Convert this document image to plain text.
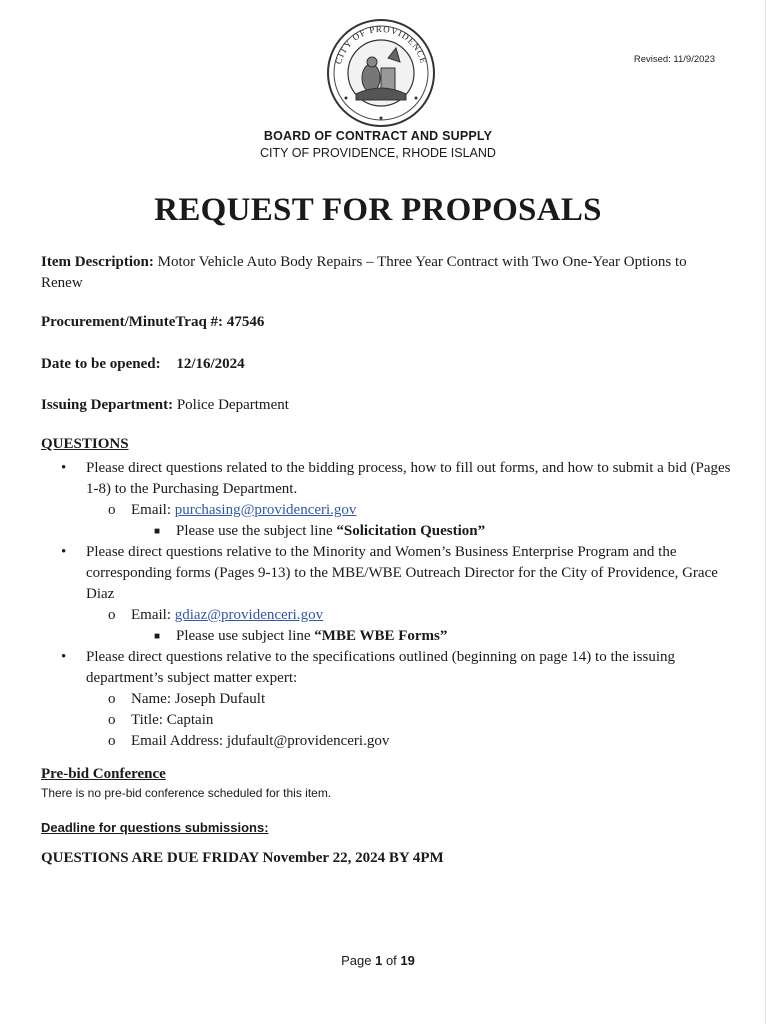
CITY OF PROVIDENCE	Revised: 11/9/2023
BOARD OF CONTRACT AND SUPPLY
CITY OF PROVIDENCE, RHODE ISLAND
REQUEST FOR PROPOSALS
Item Description: Motor Vehicle Auto Body Repairs – Three Year Contract with Two One-Year Options to Renew
Procurement/MinuteTraq #: 47546
Date to be opened: 12/16/2024
Issuing Department: Police Department
QUESTIONS
• Please direct questions related to the bidding process, how to fill out forms, and how to submit a bid (Pages 1-8) to the Purchasing Department.
o Email: purchasing@providenceri.gov
■ Please use the subject line “Solicitation Question”
• Please direct questions relative to the Minority and Women’s Business Enterprise Program and the corresponding forms (Pages 9-13) to the MBE/WBE Outreach Director for the City of Providence, Grace Diaz
o Email: gdiaz@providenceri.gov
■ Please use subject line “MBE WBE Forms”
• Please direct questions relative to the specifications outlined (beginning on page 14) to the issuing department’s subject matter expert:
o Name: Joseph Dufault
o Title: Captain
o Email Address: jdufault@providenceri.gov
Pre-bid Conference
There is no pre-bid conference scheduled for this item.
Deadline for questions submissions:
QUESTIONS ARE DUE FRIDAY November 22, 2024 BY 4PM
Page 1 of 19
